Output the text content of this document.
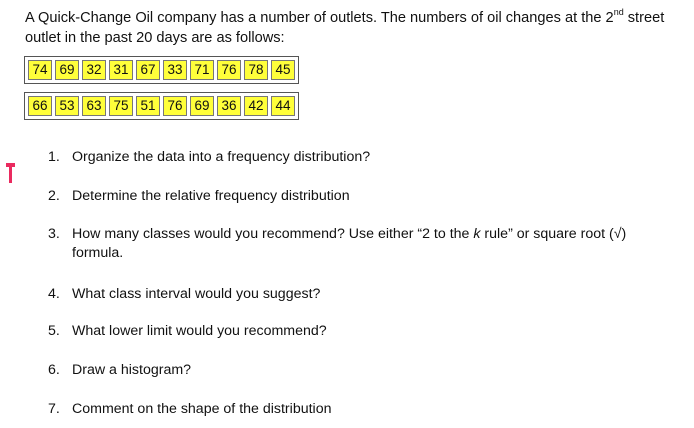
A Quick-Change Oil company has a number of outlets. The numbers of oil changes at the 2nd street outlet in the past 20 days are as follows:
74	69	32	31	67	33	71	76	78	45
66	53	63	75	51	76	69	36	42	44
1. Organize the data into a frequency distribution?
2. Determine the relative frequency distribution
3. How many classes would you recommend? Use either “2 to the k rule” or square root (√) formula.
4. What class interval would you suggest?
5. What lower limit would you recommend?
6. Draw a histogram?
7. Comment on the shape of the distribution
